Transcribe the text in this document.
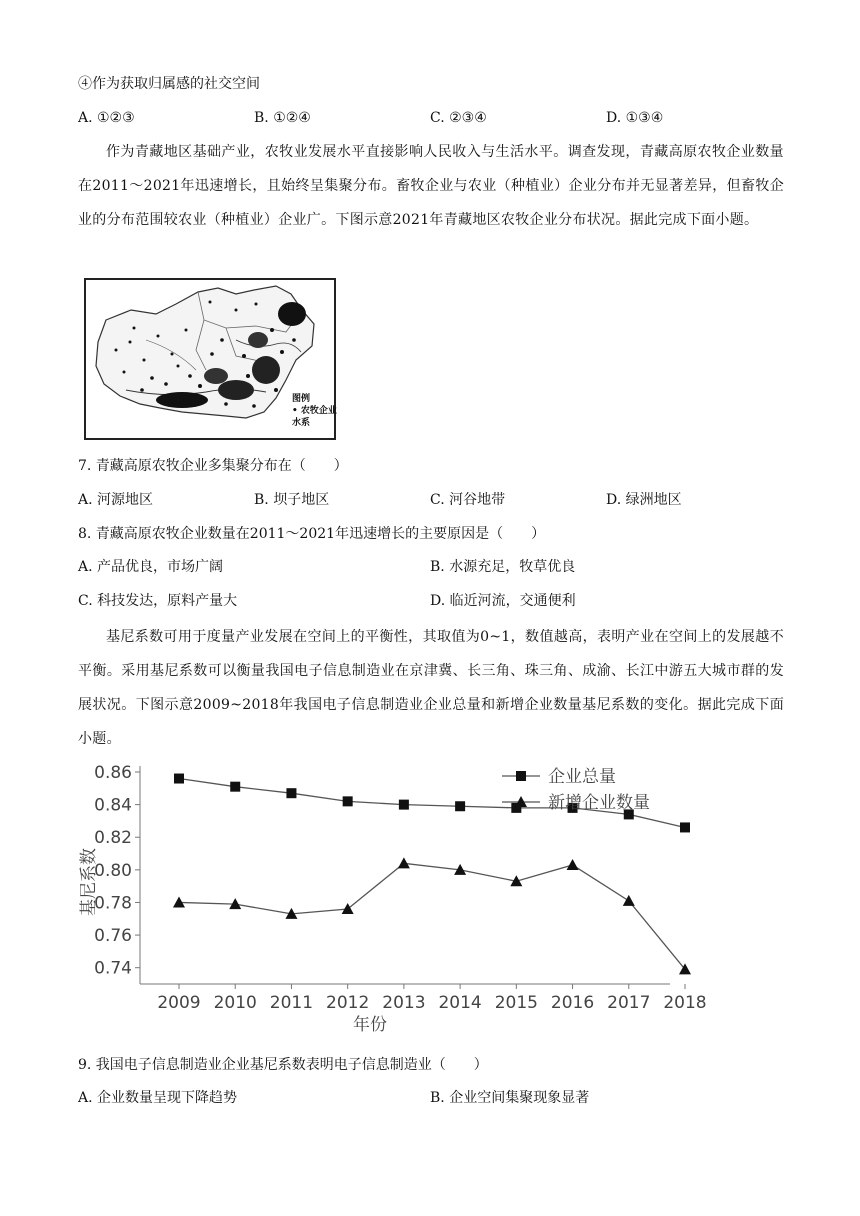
④作为获取归属感的社交空间
A. ①②③	B. ①②④	C. ②③④	D. ①③④
作为青藏地区基础产业，农牧业发展水平直接影响人民收入与生活水平。调查发现，青藏高原农牧企业数量在2011～2021年迅速增长，且始终呈集聚分布。畜牧企业与农业（种植业）企业分布并无显著差异，但畜牧企业的分布范围较农业（种植业）企业广。下图示意2021年青藏地区农牧企业分布状况。据此完成下面小题。
图例
• 农牧企业
水系
7. 青藏高原农牧企业多集聚分布在（　　）
A. 河源地区	B. 坝子地区	C. 河谷地带	D. 绿洲地区
8. 青藏高原农牧企业数量在2011～2021年迅速增长的主要原因是（　　）
A. 产品优良，市场广阔	B. 水源充足，牧草优良
C. 科技发达，原料产量大	D. 临近河流，交通便利
基尼系数可用于度量产业发展在空间上的平衡性，其取值为0~1，数值越高，表明产业在空间上的发展越不平衡。采用基尼系数可以衡量我国电子信息制造业在京津冀、长三角、珠三角、成渝、长江中游五大城市群的发展状况。下图示意2009~2018年我国电子信息制造业企业总量和新增企业数量基尼系数的变化。据此完成下面小题。
0.86
0.84
0.82
0.80
0.78
0.76
0.74
2009 2010 2011 2012 2013 2014 2015 2016 2017 2018
企业总量
新增企业数量
基尼系数
年份
9. 我国电子信息制造业企业基尼系数表明电子信息制造业（　　）
A. 企业数量呈现下降趋势	B. 企业空间集聚现象显著
